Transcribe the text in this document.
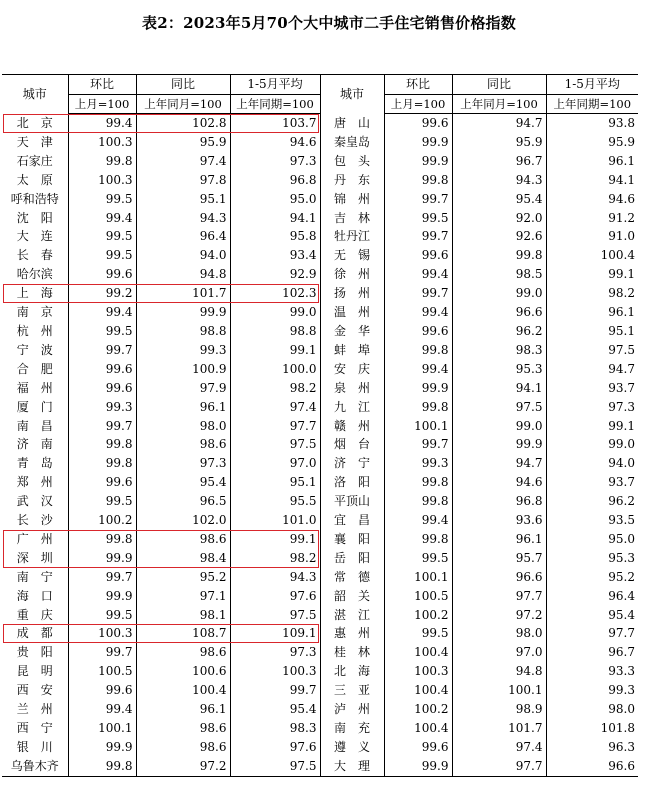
表2：2023年5月70个大中城市二手住宅销售价格指数
城市	环比	同比	1-5月平均	城市	环比	同比	1-5月平均
	上月=100	上年同月=100	上年同期=100		上月=100	上年同月=100	上年同期=100
北　京	99.4	102.8	103.7	唐　山	99.6	94.7	93.8
天　津	100.3	95.9	94.6	秦皇岛	99.9	95.9	95.9
石家庄	99.8	97.4	97.3	包　头	99.9	96.7	96.1
太　原	100.3	97.8	96.8	丹　东	99.8	94.3	94.1
呼和浩特	99.5	95.1	95.0	锦　州	99.7	95.4	94.6
沈　阳	99.4	94.3	94.1	吉　林	99.5	92.0	91.2
大　连	99.5	96.4	95.8	牡丹江	99.7	92.6	91.0
长　春	99.5	94.0	93.4	无　锡	99.6	99.8	100.4
哈尔滨	99.6	94.8	92.9	徐　州	99.4	98.5	99.1
上　海	99.2	101.7	102.3	扬　州	99.7	99.0	98.2
南　京	99.4	99.9	99.0	温　州	99.4	96.6	96.1
杭　州	99.5	98.8	98.8	金　华	99.6	96.2	95.1
宁　波	99.7	99.3	99.1	蚌　埠	99.8	98.3	97.5
合　肥	99.6	100.9	100.0	安　庆	99.4	95.3	94.7
福　州	99.6	97.9	98.2	泉　州	99.9	94.1	93.7
厦　门	99.3	96.1	97.4	九　江	99.8	97.5	97.3
南　昌	99.7	98.0	97.7	赣　州	100.1	99.0	99.1
济　南	99.8	98.6	97.5	烟　台	99.7	99.9	99.0
青　岛	99.8	97.3	97.0	济　宁	99.3	94.7	94.0
郑　州	99.6	95.4	95.1	洛　阳	99.8	94.6	93.7
武　汉	99.5	96.5	95.5	平顶山	99.8	96.8	96.2
长　沙	100.2	102.0	101.0	宜　昌	99.4	93.6	93.5
广　州	99.8	98.6	99.1	襄　阳	99.8	96.1	95.0
深　圳	99.9	98.4	98.2	岳　阳	99.5	95.7	95.3
南　宁	99.7	95.2	94.3	常　德	100.1	96.6	95.2
海　口	99.9	97.1	97.6	韶　关	100.5	97.7	96.4
重　庆	99.5	98.1	97.5	湛　江	100.2	97.2	95.4
成　都	100.3	108.7	109.1	惠　州	99.5	98.0	97.7
贵　阳	99.7	98.6	97.3	桂　林	100.4	97.0	96.7
昆　明	100.5	100.6	100.3	北　海	100.3	94.8	93.3
西　安	99.6	100.4	99.7	三　亚	100.4	100.1	99.3
兰　州	99.4	96.1	95.4	泸　州	100.2	98.9	98.0
西　宁	100.1	98.6	98.3	南　充	100.4	101.7	101.8
银　川	99.9	98.6	97.6	遵　义	99.6	97.4	96.3
乌鲁木齐	99.8	97.2	97.5	大　理	99.9	97.7	96.6
